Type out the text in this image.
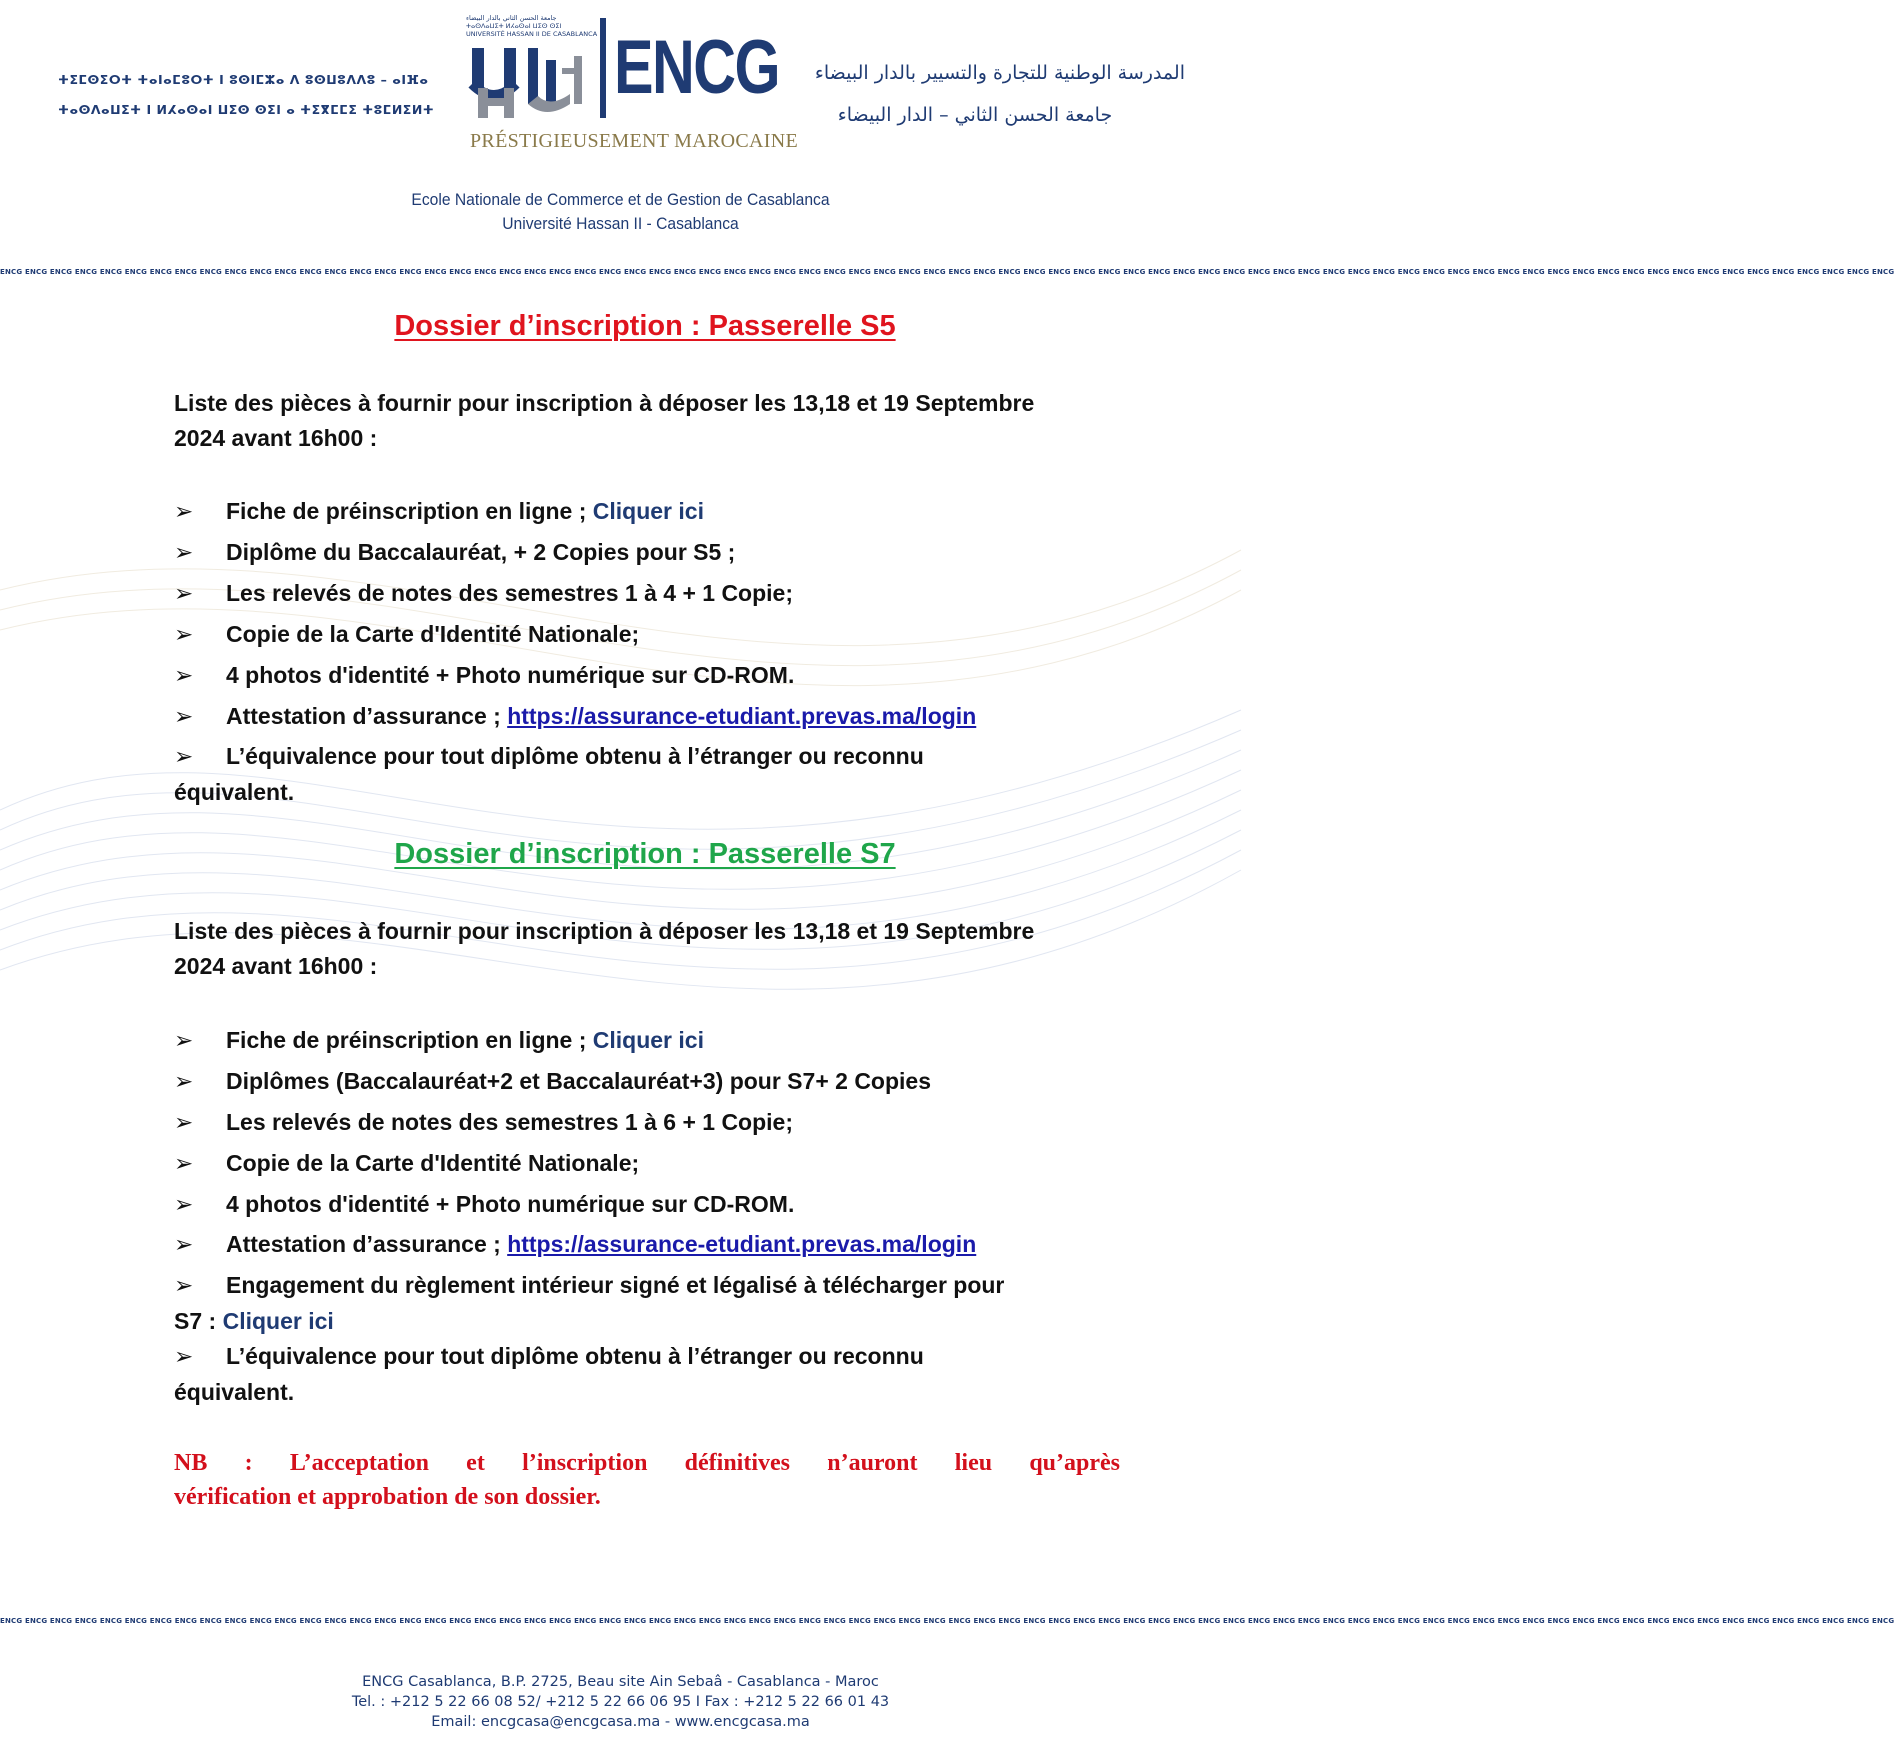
ⵜⵉⵎⵙⵉⵔⵜ ⵜⴰⵏⴰⵎⵓⵔⵜ ⵏ ⵓⵙⵏⵎⵣⴰ ⴷ ⵓⵙⵡⵓⴷⴷⵓ – ⴰⵏⴼⴰ
ⵜⴰⵙⴷⴰⵡⵉⵜ ⵏ ⵍⵃⴰⵙⴰⵏ ⵡⵉⵙ ⵙⵉⵏ ⴰ ⵜⵉⴳⵎⵎⵉ ⵜⵓⵎⵍⵉⵍⵜ
جامعة الحسن الثاني بالدار البيضاء
ⵜⴰⵙⴷⴰⵡⵉⵜ ⵍⵃⴰⵙⴰⵏ ⵡⵉⵙ ⵙⵉⵏ
UNIVERSITÉ HASSAN II DE CASABLANCA ENCG
PRÉSTIGIEUSEMENT MAROCAINE
المدرسة الوطنية للتجارة والتسيير بالدار البيضاء
جامعة الحسن الثاني – الدار البيضاء
Ecole Nationale de Commerce et de Gestion de Casablanca
Université Hassan II - Casablanca
ENCG ENCG ENCG ENCG ENCG ENCG ENCG ENCG ENCG ENCG ENCG ENCG ENCG ENCG ENCG ENCG ENCG ENCG ENCG ENCG ENCG ENCG ENCG ENCG ENCG ENCG ENCG ENCG ENCG ENCG ENCG ENCG ENCG ENCG ENCG ENCG ENCG ENCG ENCG ENCG ENCG ENCG ENCG ENCG ENCG ENCG ENCG ENCG ENCG ENCG ENCG ENCG ENCG ENCG ENCG ENCG ENCG ENCG ENCG ENCG ENCG ENCG ENCG ENCG ENCG ENCG ENCG ENCG ENCG ENCG ENCG ENCG ENCG ENCG ENCG ENCG
Dossier d’inscription : Passerelle S5
Liste des pièces à fournir pour inscription à déposer les 13,18 et 19 Septembre
2024 avant 16h00 :
➢ Fiche de préinscription en ligne ; Cliquer ici
➢ Diplôme du Baccalauréat, + 2 Copies pour S5 ;
➢ Les relevés de notes des semestres 1 à 4 + 1 Copie;
➢ Copie de la Carte d'Identité Nationale;
➢ 4 photos d'identité + Photo numérique sur CD-ROM.
➢ Attestation d’assurance ; https://assurance-etudiant.prevas.ma/login
➢ L’équivalence pour tout diplôme obtenu à l’étranger ou reconnu
équivalent.
Dossier d’inscription : Passerelle S7
Liste des pièces à fournir pour inscription à déposer les 13,18 et 19 Septembre
2024 avant 16h00 :
➢ Fiche de préinscription en ligne ; Cliquer ici
➢ Diplômes (Baccalauréat+2 et Baccalauréat+3) pour S7+ 2 Copies
➢ Les relevés de notes des semestres 1 à 6 + 1 Copie;
➢ Copie de la Carte d'Identité Nationale;
➢ 4 photos d'identité + Photo numérique sur CD-ROM.
➢ Attestation d’assurance ; https://assurance-etudiant.prevas.ma/login
➢ Engagement du règlement intérieur signé et légalisé à télécharger pour
S7 : Cliquer ici
➢ L’équivalence pour tout diplôme obtenu à l’étranger ou reconnu
équivalent.
NB : L’acceptation et l’inscription définitives n’auront lieu qu’après
vérification et approbation de son dossier.
ENCG ENCG ENCG ENCG ENCG ENCG ENCG ENCG ENCG ENCG ENCG ENCG ENCG ENCG ENCG ENCG ENCG ENCG ENCG ENCG ENCG ENCG ENCG ENCG ENCG ENCG ENCG ENCG ENCG ENCG ENCG ENCG ENCG ENCG ENCG ENCG ENCG ENCG ENCG ENCG ENCG ENCG ENCG ENCG ENCG ENCG ENCG ENCG ENCG ENCG ENCG ENCG ENCG ENCG ENCG ENCG ENCG ENCG ENCG ENCG ENCG ENCG ENCG ENCG ENCG ENCG ENCG ENCG ENCG ENCG ENCG ENCG ENCG ENCG ENCG ENCG
ENCG Casablanca, B.P. 2725, Beau site Ain Sebaâ - Casablanca - Maroc
Tel. : +212 5 22 66 08 52/ +212 5 22 66 06 95 I Fax : +212 5 22 66 01 43
Email: encgcasa@encgcasa.ma - www.encgcasa.ma
